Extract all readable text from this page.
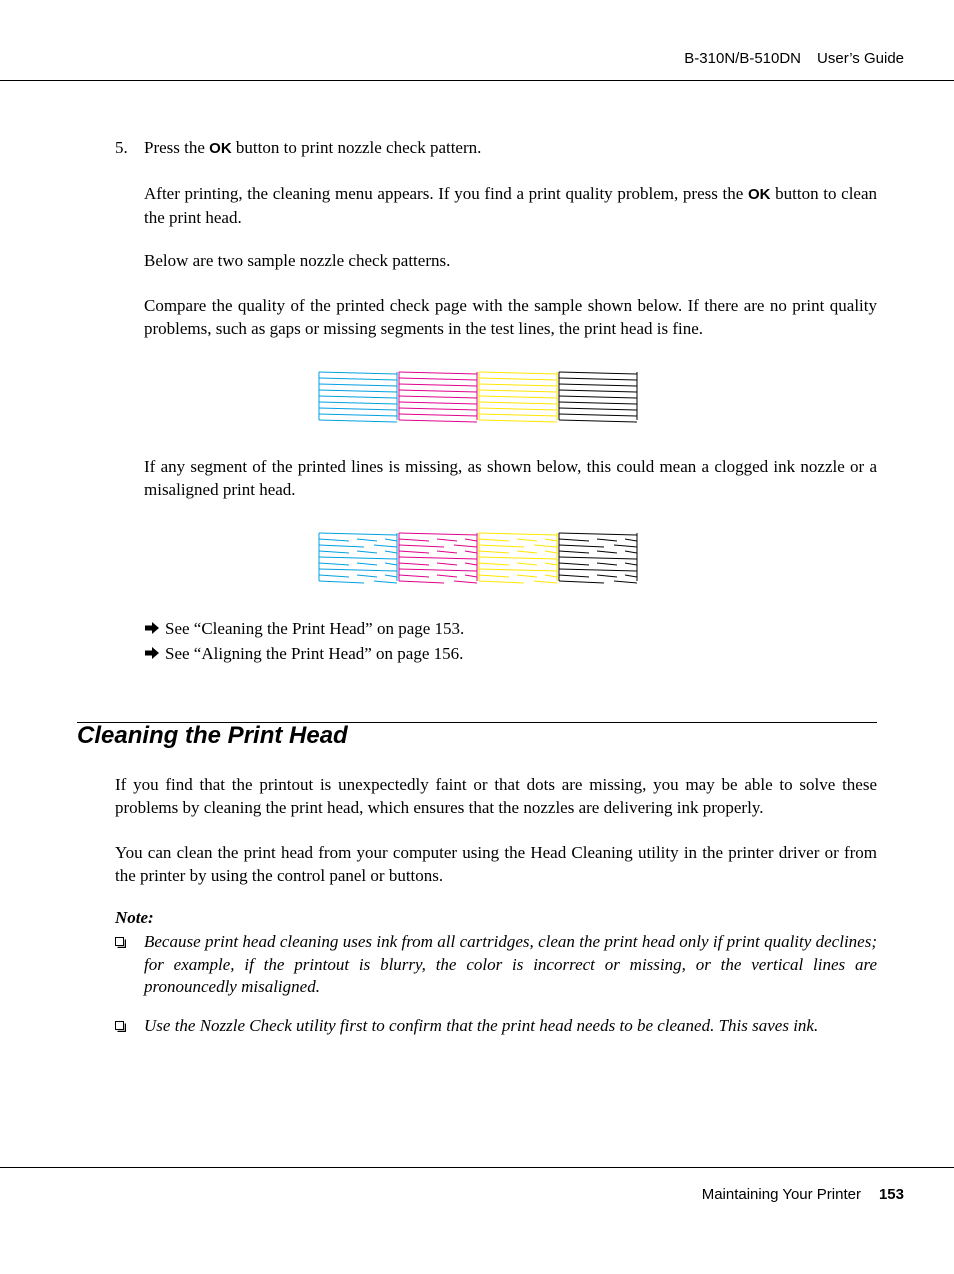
B-310N/B-510DN User’s Guide
5. Press the OK button to print nozzle check pattern.
After printing, the cleaning menu appears. If you find a print quality problem, press the OK button to clean the print head.
Below are two sample nozzle check patterns.
Compare the quality of the printed check page with the sample shown below. If there are no print quality problems, such as gaps or missing segments in the test lines, the print head is fine.
If any segment of the printed lines is missing, as shown below, this could mean a clogged ink nozzle or a misaligned print head.
See “Cleaning the Print Head” on page 153.
See “Aligning the Print Head” on page 156.
Cleaning the Print Head
If you find that the printout is unexpectedly faint or that dots are missing, you may be able to solve these problems by cleaning the print head, which ensures that the nozzles are delivering ink properly.
You can clean the print head from your computer using the Head Cleaning utility in the printer driver or from the printer by using the control panel or buttons.
Note:
Because print head cleaning uses ink from all cartridges, clean the print head only if print quality declines; for example, if the printout is blurry, the color is incorrect or missing, or the vertical lines are pronouncedly misaligned.
Use the Nozzle Check utility first to confirm that the print head needs to be cleaned. This saves ink.
Maintaining Your Printer 153
